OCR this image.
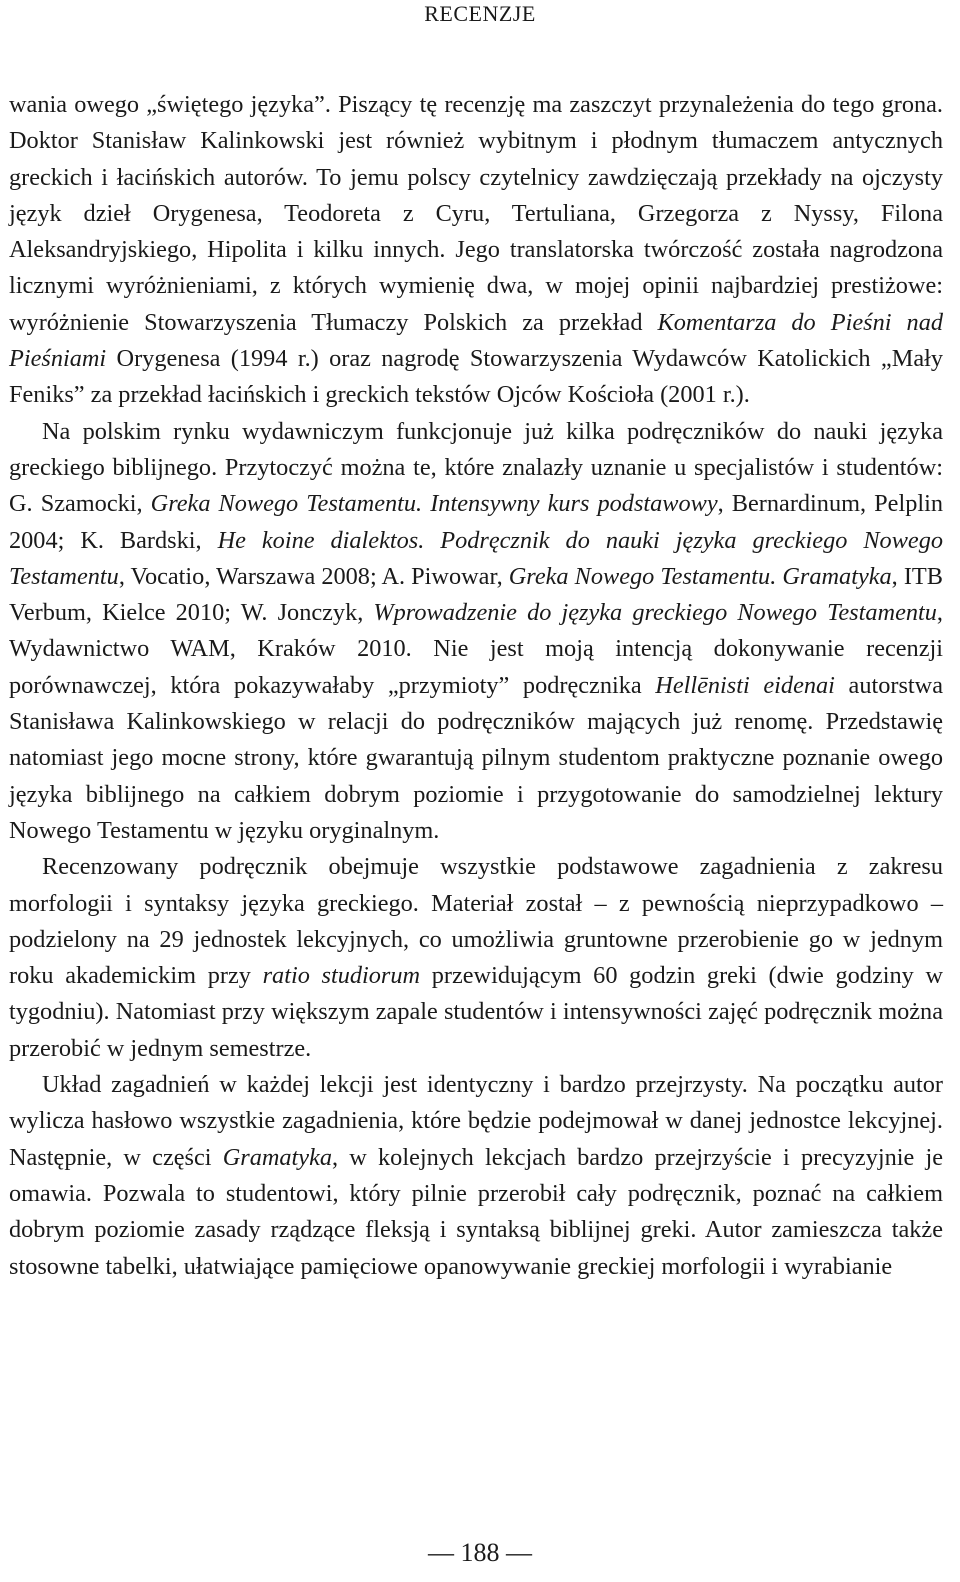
RECENZJE

wania owego „świętego języka”. Piszący tę recenzję ma zaszczyt przynależenia do tego grona. Doktor Stanisław Kalinkowski jest również wybitnym i płodnym tłumaczem antycznych greckich i łacińskich autorów. To jemu polscy czytelnicy zawdzięczają przekłady na ojczysty język dzieł Orygenesa, Teodoreta z Cyru, Tertuliana, Grzegorza z Nyssy, Filona Aleksandryjskiego, Hipolita i kilku innych. Jego translatorska twórczość została nagrodzona licznymi wyróżnieniami, z których wymienię dwa, w mojej opinii najbardziej prestiżowe: wyróżnienie Stowarzyszenia Tłumaczy Polskich za przekład Komentarza do Pieśni nad Pieśniami Orygenesa (1994 r.) oraz nagrodę Stowarzyszenia Wydawców Katolickich „Mały Feniks” za przekład łacińskich i greckich tekstów Ojców Kościoła (2001 r.).

Na polskim rynku wydawniczym funkcjonuje już kilka podręczników do nauki języka greckiego biblijnego. Przytoczyć można te, które znalazły uznanie u specjalistów i studentów: G. Szamocki, Greka Nowego Testamentu. Intensywny kurs podstawowy, Bernardinum, Pelplin 2004; K. Bardski, He koine dialektos. Podręcznik do nauki języka greckiego Nowego Testamentu, Vocatio, Warszawa 2008; A. Piwowar, Greka Nowego Testamentu. Gramatyka, ITB Verbum, Kielce 2010; W. Jonczyk, Wprowadzenie do języka greckiego Nowego Testamentu, Wydawnictwo WAM, Kraków 2010. Nie jest moją intencją dokonywanie recenzji porównawczej, która pokazywałaby „przymioty” podręcznika Hellēnisti eidenai autorstwa Stanisława Kalinkowskiego w relacji do podręczników mających już renomę. Przedstawię natomiast jego mocne strony, które gwarantują pilnym studentom praktyczne poznanie owego języka biblijnego na całkiem dobrym poziomie i przygotowanie do samodzielnej lektury Nowego Testamentu w języku oryginalnym.

Recenzowany podręcznik obejmuje wszystkie podstawowe zagadnienia z zakresu morfologii i syntaksy języka greckiego. Materiał został – z pewnością nieprzypadkowo – podzielony na 29 jednostek lekcyjnych, co umożliwia gruntowne przerobienie go w jednym roku akademickim przy ratio studiorum przewidującym 60 godzin greki (dwie godziny w tygodniu). Natomiast przy większym zapale studentów i intensywności zajęć podręcznik można przerobić w jednym semestrze.

Układ zagadnień w każdej lekcji jest identyczny i bardzo przejrzysty. Na początku autor wylicza hasłowo wszystkie zagadnienia, które będzie podejmował w danej jednostce lekcyjnej. Następnie, w części Gramatyka, w kolejnych lekcjach bardzo przejrzyście i precyzyjnie je omawia. Pozwala to studentowi, który pilnie przerobił cały podręcznik, poznać na całkiem dobrym poziomie zasady rządzące fleksją i syntaksą biblijnej greki. Autor zamieszcza także stosowne tabelki, ułatwiające pamięciowe opanowywanie greckiej morfologii i wyrabianie

— 188 —
